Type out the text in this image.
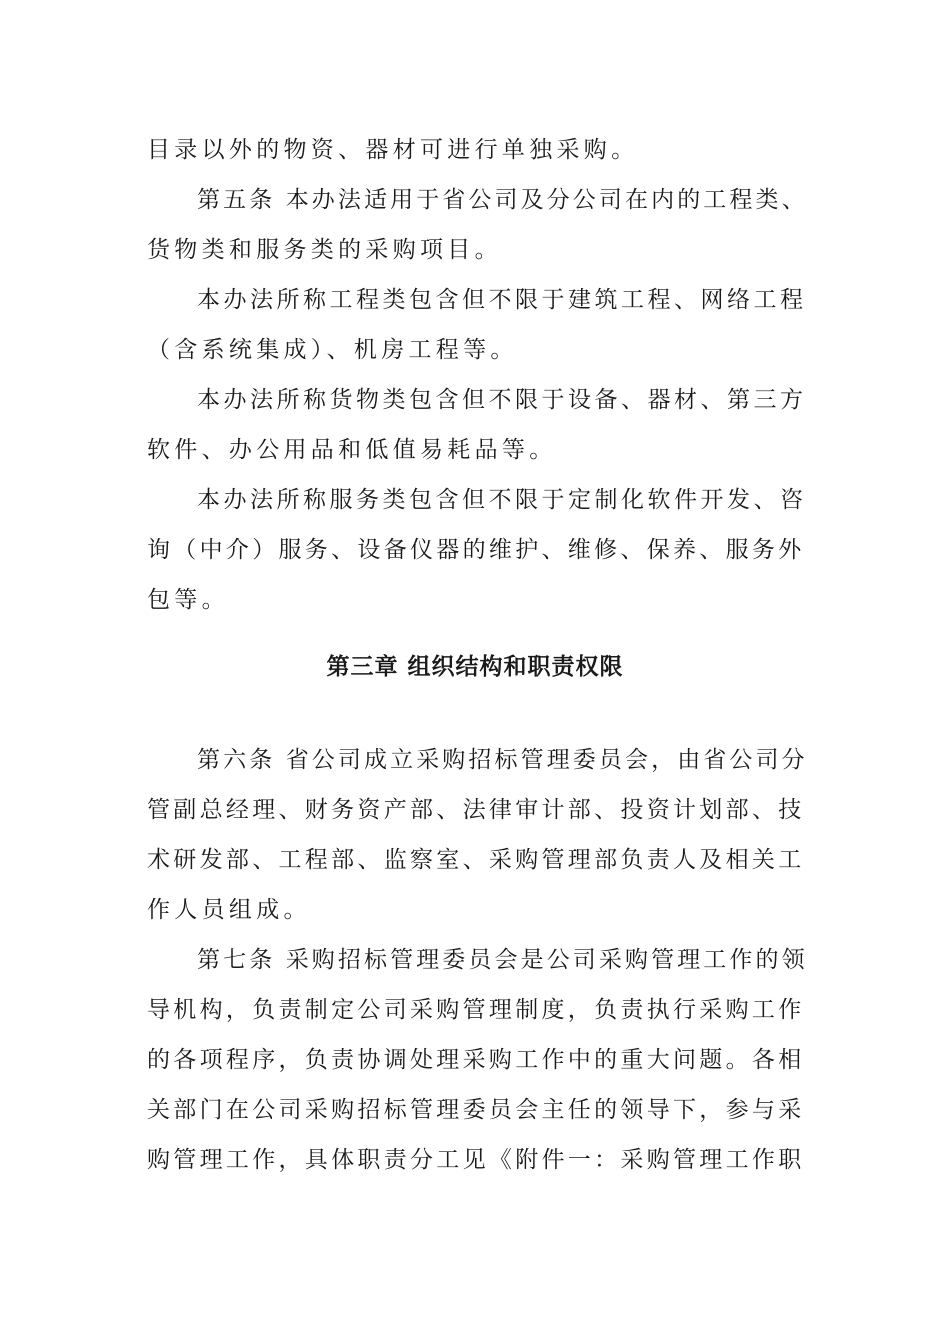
目录以外的物资、器材可进行单独采购。
第五条 本办法适用于省公司及分公司在内的工程类、
货物类和服务类的采购项目。
本办法所称工程类包含但不限于建筑工程、网络工程
（含系统集成）、机房工程等。
本办法所称货物类包含但不限于设备、器材、第三方
软件、办公用品和低值易耗品等。
本办法所称服务类包含但不限于定制化软件开发、咨
询（中介）服务、设备仪器的维护、维修、保养、服务外
包等。
第三章 组织结构和职责权限
第六条 省公司成立采购招标管理委员会，由省公司分
管副总经理、财务资产部、法律审计部、投资计划部、技
术研发部、工程部、监察室、采购管理部负责人及相关工
作人员组成。
第七条 采购招标管理委员会是公司采购管理工作的领
导机构，负责制定公司采购管理制度，负责执行采购工作
的各项程序，负责协调处理采购工作中的重大问题。各相
关部门在公司采购招标管理委员会主任的领导下，参与采
购管理工作，具体职责分工见《附件一：采购管理工作职
